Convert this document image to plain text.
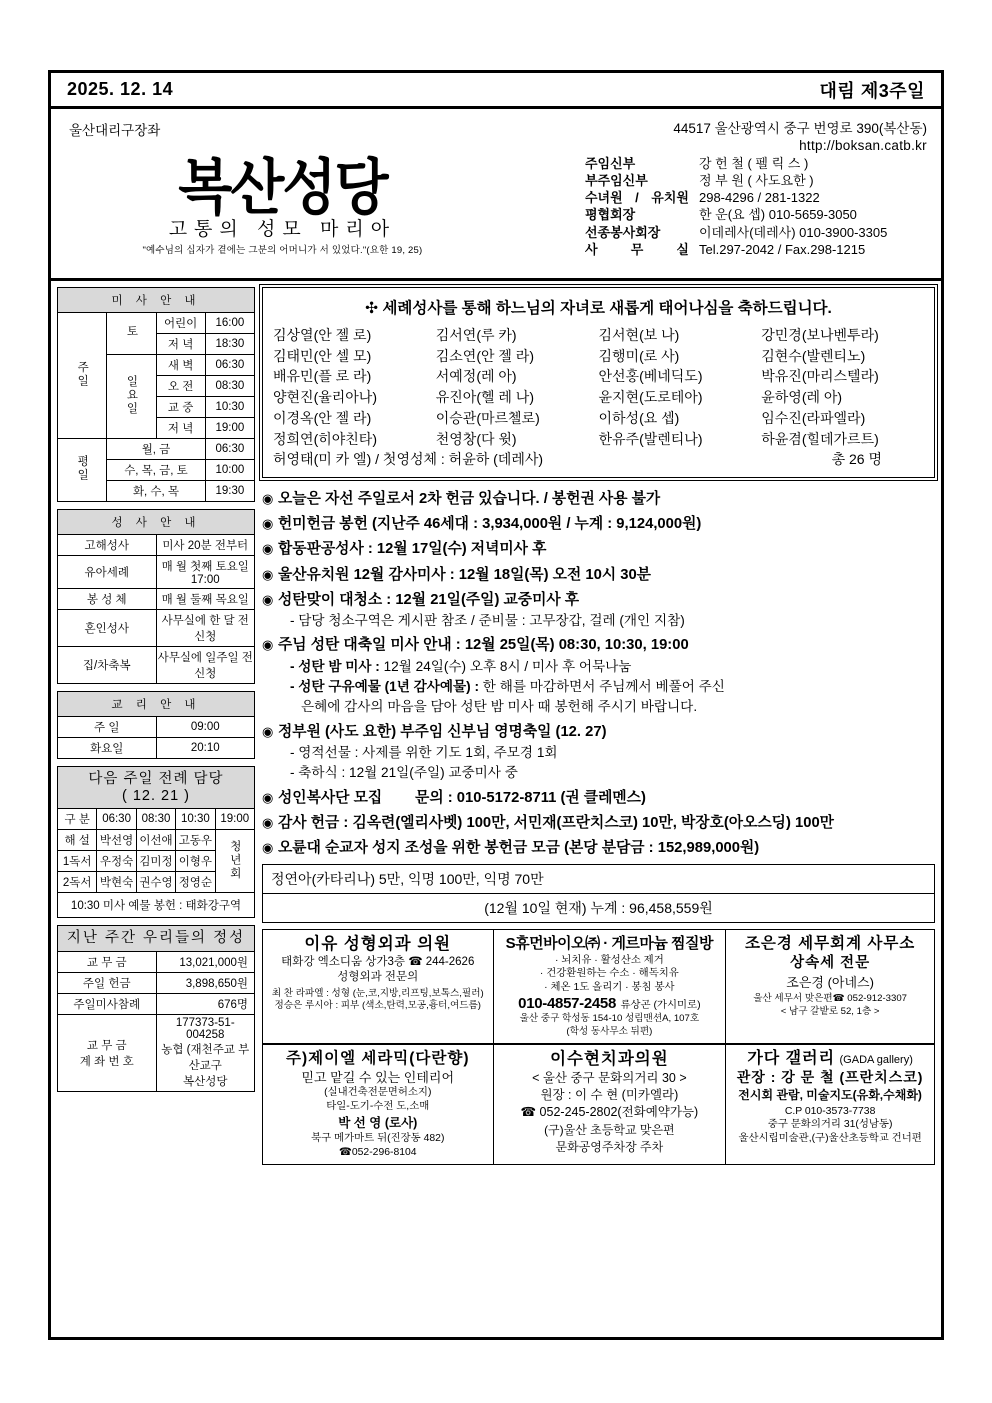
2025. 12. 14	대림 제3주일
울산대리구장좌
복산성당
고통의 성모 마리아
"예수님의 십자가 곁에는 그분의 어머니가 서 있었다."(요한 19, 25)
44517 울산광역시 중구 번영로 390(복산동)
http://boksan.catb.kr
주임신부	강 헌 철 ( 펠 릭 스 )
부주임신부	정 부 원 ( 사도요한 )
수녀원 / 유치원 298-4296 / 281-1322
평협회장	한 운(요 셉) 010-5659-3050
선종봉사회장	이데레사(데레사) 010-3900-3305
사 무 실 Tel.297-2042 / Fax.298-1215
미 사 안 내			
주일	토	어린이	16:00
		저 녁	18:30
	일요일	새 벽	06:30
		오 전	08:30
		교 중	10:30
		저 녁	19:00
평일	월, 금		06:30
	수, 목, 금, 토		10:00
	화, 수, 목		19:30
성 사 안 내	
고해성사	미사 20분 전부터
유아세례	매 월 첫째 토요일 17:00
봉 성 체	매 월 둘째 목요일
혼인성사	사무실에 한 달 전 신청
집/차축복	사무실에 일주일 전 신청
교 리 안 내	
주 일	09:00
화요일	20:10
다음 주일 전례 담당
( 12. 21 )				
구 분	06:30	08:30	10:30	19:00
해 설	박선영	이선애	고동우	청년회
1독서	우정숙	김미정	이형우	
2독서	박현숙	권수영	정영순	
10:30 미사 예물 봉헌 : 태화강구역				
지난 주간 우리들의 정성	
교 무 금	13,021,000원
주일 헌금	3,898,650원
주일미사참례	676명
교 무 금
계 좌 번 호	177373-51-004258
농협 (재천주교 부산교구
복산성당
✣ 세례성사를 통해 하느님의 자녀로 새롭게 태어나심을 축하드립니다.
김상열(안 젤 로)	김서연(루 카)	김서현(보 나)	강민경(보나벤투라)
김태민(안 셀 모)	김소연(안 젤 라)	김행미(로 사)	김현수(발렌티노)
배유민(플 로 라)	서예정(레 아)	안선홍(베네딕도)	박유진(마리스텔라)
양현진(율리아나)	유진아(헬 레 나)	윤지현(도로테아)	윤하영(레 아)
이경옥(안 젤 라)	이승관(마르첼로)	이하성(요 셉)	임수진(라파엘라)
정희연(히야친타)	천영창(다 윗)	한유주(발렌티나)	하윤겸(힐데가르트)
허영태(미 카 엘) / 첫영성체 : 허윤하 (데레사)	총 26 명
◉ 오늘은 자선 주일로서 2차 헌금 있습니다. / 봉헌권 사용 불가
◉ 헌미헌금 봉헌 (지난주 46세대 : 3,934,000원 / 누계 : 9,124,000원)
◉ 합동판공성사 : 12월 17일(수) 저녁미사 후
◉ 울산유치원 12월 감사미사 : 12월 18일(목) 오전 10시 30분
◉ 성탄맞이 대청소 : 12월 21일(주일) 교중미사 후
- 담당 청소구역은 게시판 참조 / 준비물 : 고무장갑, 걸레 (개인 지참)
◉ 주님 성탄 대축일 미사 안내 : 12월 25일(목) 08:30, 10:30, 19:00
- 성탄 밤 미사 : 12월 24일(수) 오후 8시 / 미사 후 어묵나눔
- 성탄 구유예물 (1년 감사예물) : 한 해를 마감하면서 주님께서 베풀어 주신
은혜에 감사의 마음을 담아 성탄 밤 미사 때 봉헌해 주시기 바랍니다.
◉ 정부원 (사도 요한) 부주임 신부님 영명축일 (12. 27)
- 영적선물 : 사제를 위한 기도 1회, 주모경 1회
- 축하식 : 12월 21일(주일) 교중미사 중
◉ 성인복사단 모집        문의 : 010-5172-8711 (권 클레멘스)
◉ 감사 헌금 : 김옥련(엘리사벳) 100만, 서민재(프란치스코) 10만, 박장호(아오스딩) 100만
◉ 오륜대 순교자 성지 조성을 위한 봉헌금 모금 (본당 분담금 : 152,989,000원)
정연아(카타리나) 5만, 익명 100만, 익명 70만
(12월 10일 현재) 누계 : 96,458,559원
이유 성형외과 의원
태화강 엑소디움 상가3층 ☎ 244-2626
성형외과 전문의
최 찬 라파엘 : 성형 (눈,코,지방,리프팅,보톡스,필러)
정승은 루시아 : 피부 (색소,탄력,모공,흉터,여드름)
S휴먼바이오㈜ · 게르마늄 찜질방
· 뇌치유 · 활성산소 제거
· 건강환원하는 수소 · 해독치유
· 체온 1도 올리기 · 봉침 봉사
010-4857-2458 류상곤 (가시미로)
울산 중구 학성동 154-10 성림맨션A, 107호
(학성 동사무소 뒤편)
조은경 세무회계 사무소
상속세 전문
조은경 (아네스)
울산 세무서 맞은편☎ 052-912-3307
< 남구 갈밭로 52, 1층 >
주)제이엘 세라믹(다란향)
믿고 맡길 수 있는 인테리어
(실내건축전문면허소지)
타일-도기-수전 도,소매
박 선 영 (로사)
북구 메가마트 뒤(진장동 482)
☎052-296-8104
이수현치과의원
< 울산 중구 문화의거리 30 >
원장 : 이 수 현 (미카엘라)
☎ 052-245-2802(전화예약가능)
(구)울산 초등학교 맞은편
문화공영주차장 주차
가다 갤러리 (GADA gallery)
관장 : 강 문 철 (프란치스코)
전시회 관람, 미술지도(유화,수채화)
C.P 010-3573-7738
중구 문화의거리 31(성남동)
울산시립미술관,(구)울산초등학교 건너편
